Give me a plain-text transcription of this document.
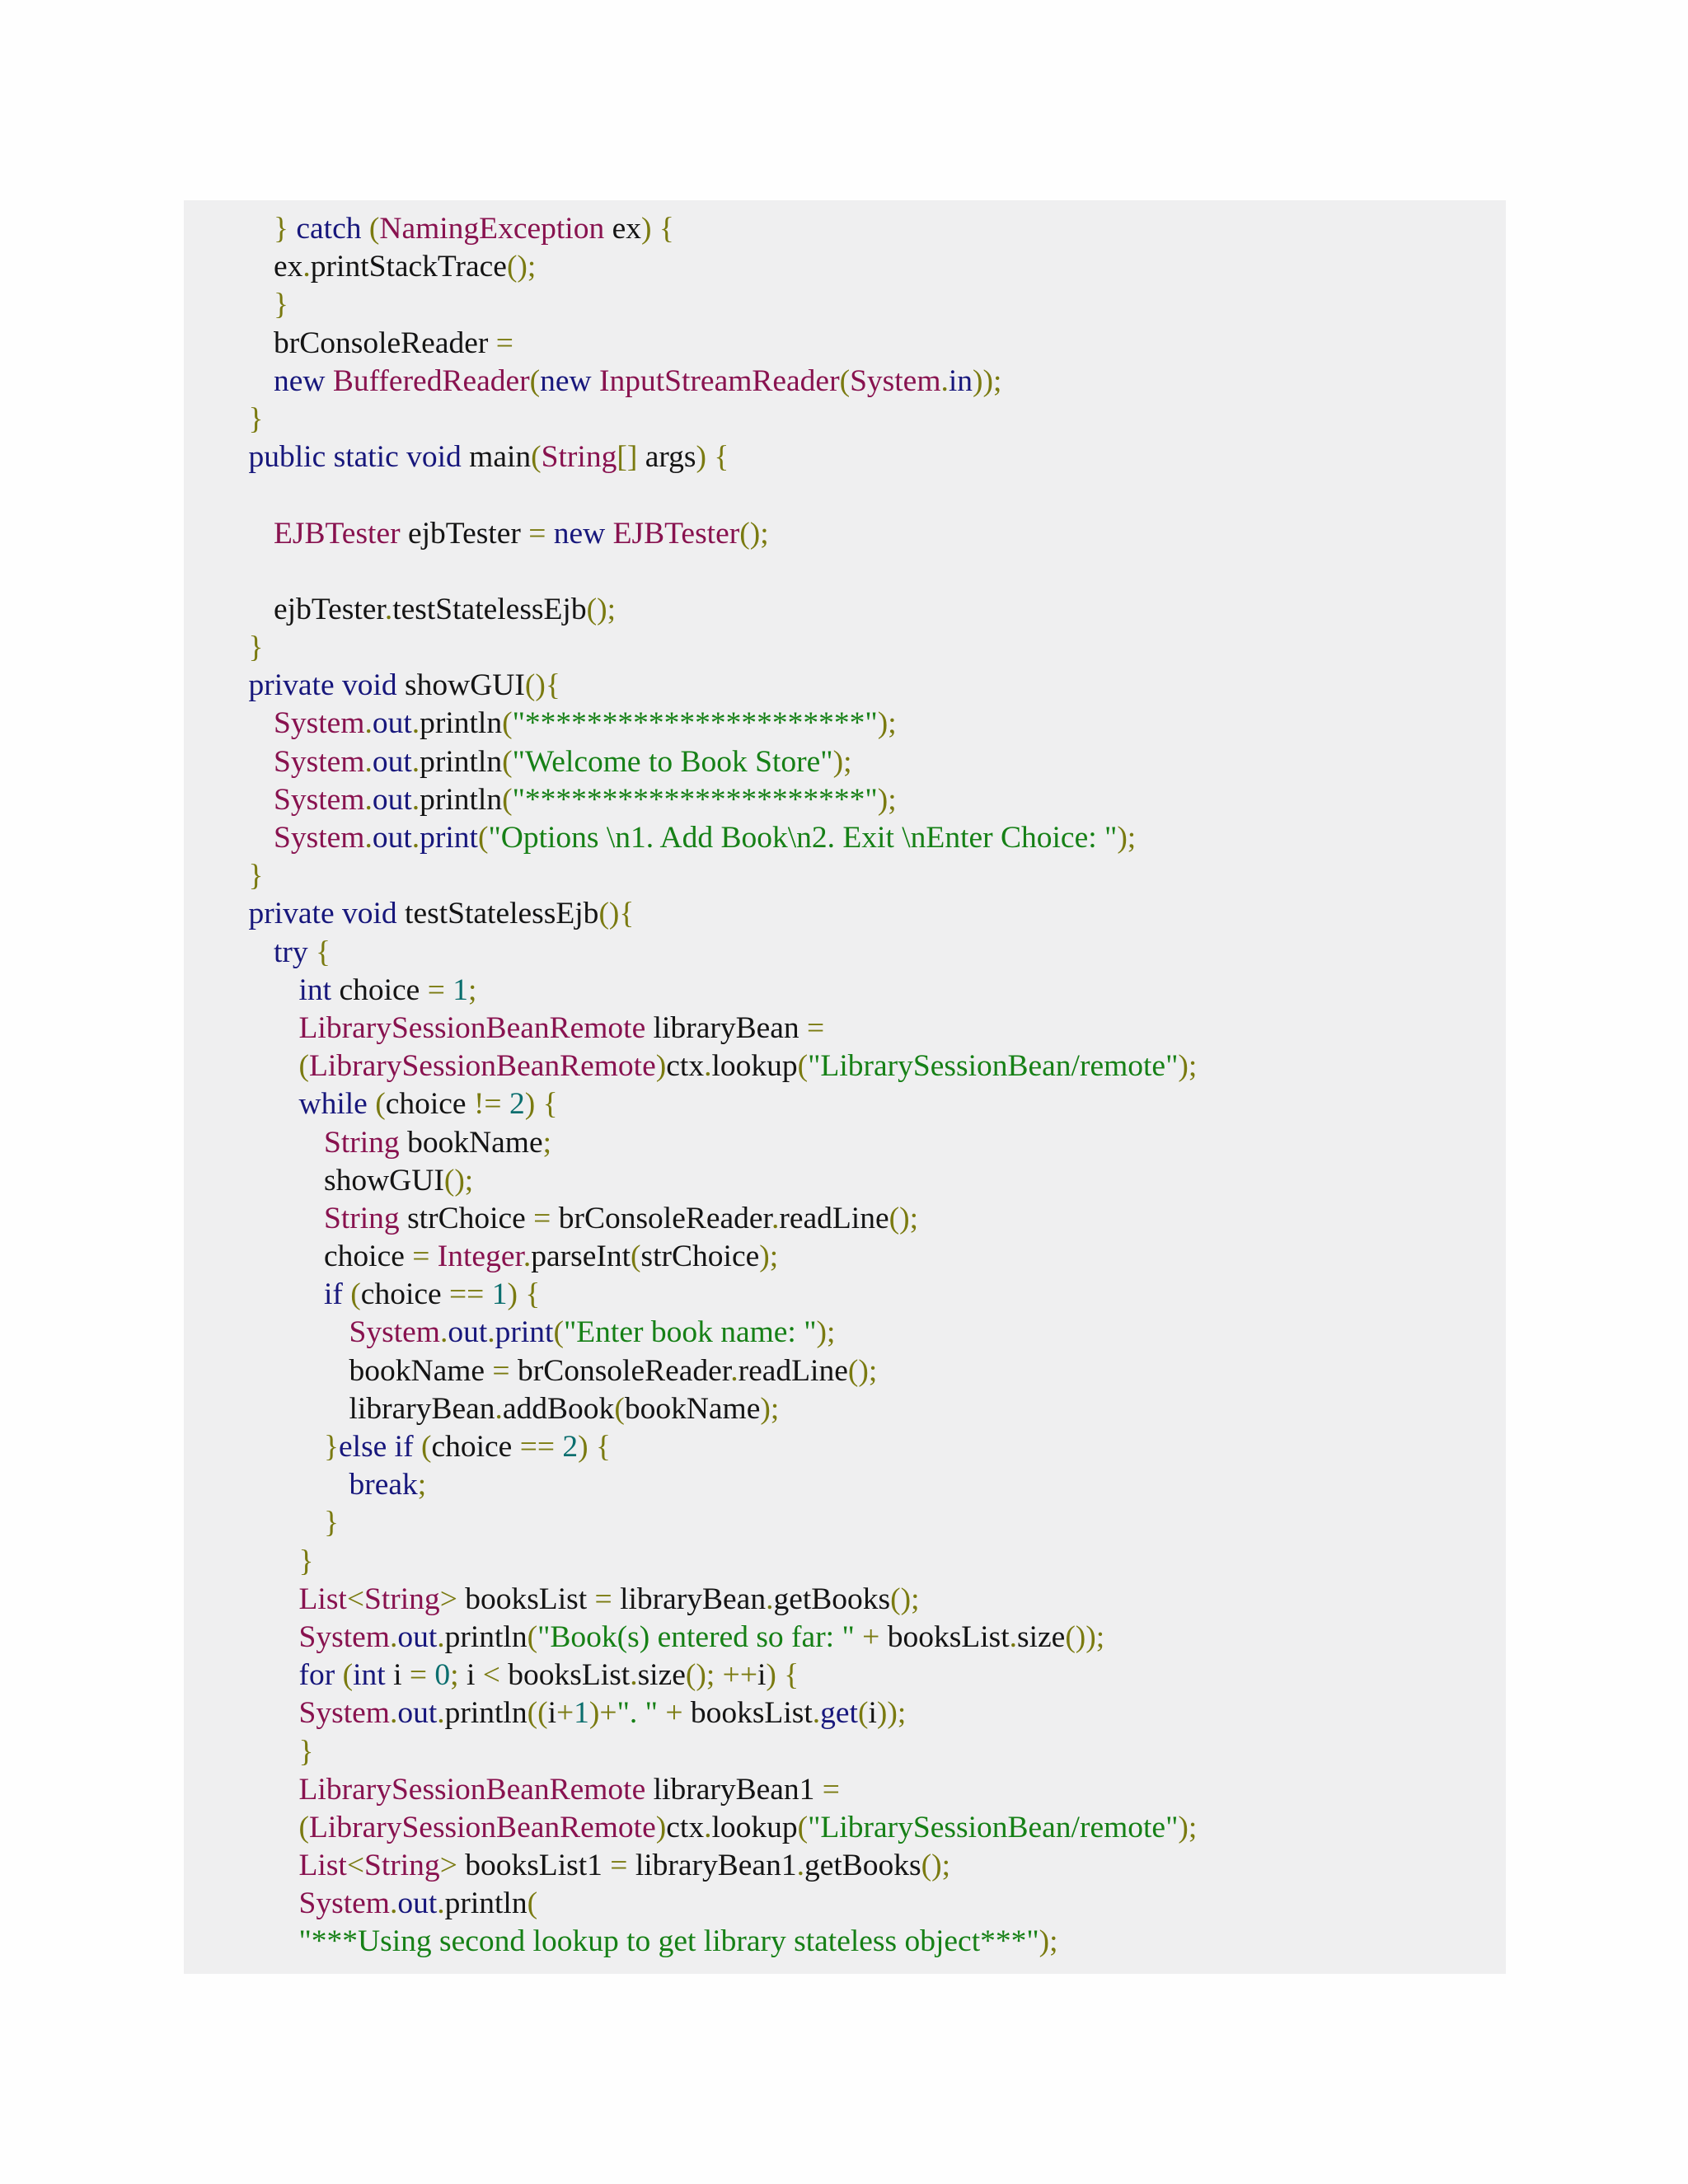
} catch (NamingException ex) {
ex.printStackTrace();
}
brConsoleReader =
new BufferedReader(new InputStreamReader(System.in));
}
public static void main(String[] args) {
EJBTester ejbTester = new EJBTester();
ejbTester.testStatelessEjb();
}
private void showGUI(){
System.out.println("**********************");
System.out.println("Welcome to Book Store");
System.out.println("**********************");
System.out.print("Options \n1. Add Book\n2. Exit \nEnter Choice: ");
}
private void testStatelessEjb(){
try {
int choice = 1;
LibrarySessionBeanRemote libraryBean =
(LibrarySessionBeanRemote)ctx.lookup("LibrarySessionBean/remote");
while (choice != 2) {
String bookName;
showGUI();
String strChoice = brConsoleReader.readLine();
choice = Integer.parseInt(strChoice);
if (choice == 1) {
System.out.print("Enter book name: ");
bookName = brConsoleReader.readLine();
libraryBean.addBook(bookName);
}else if (choice == 2) {
break;
}
}
List<String> booksList = libraryBean.getBooks();
System.out.println("Book(s) entered so far: " + booksList.size());
for (int i = 0; i < booksList.size(); ++i) {
System.out.println((i+1)+". " + booksList.get(i));
}
LibrarySessionBeanRemote libraryBean1 =
(LibrarySessionBeanRemote)ctx.lookup("LibrarySessionBean/remote");
List<String> booksList1 = libraryBean1.getBooks();
System.out.println(
"***Using second lookup to get library stateless object***");
